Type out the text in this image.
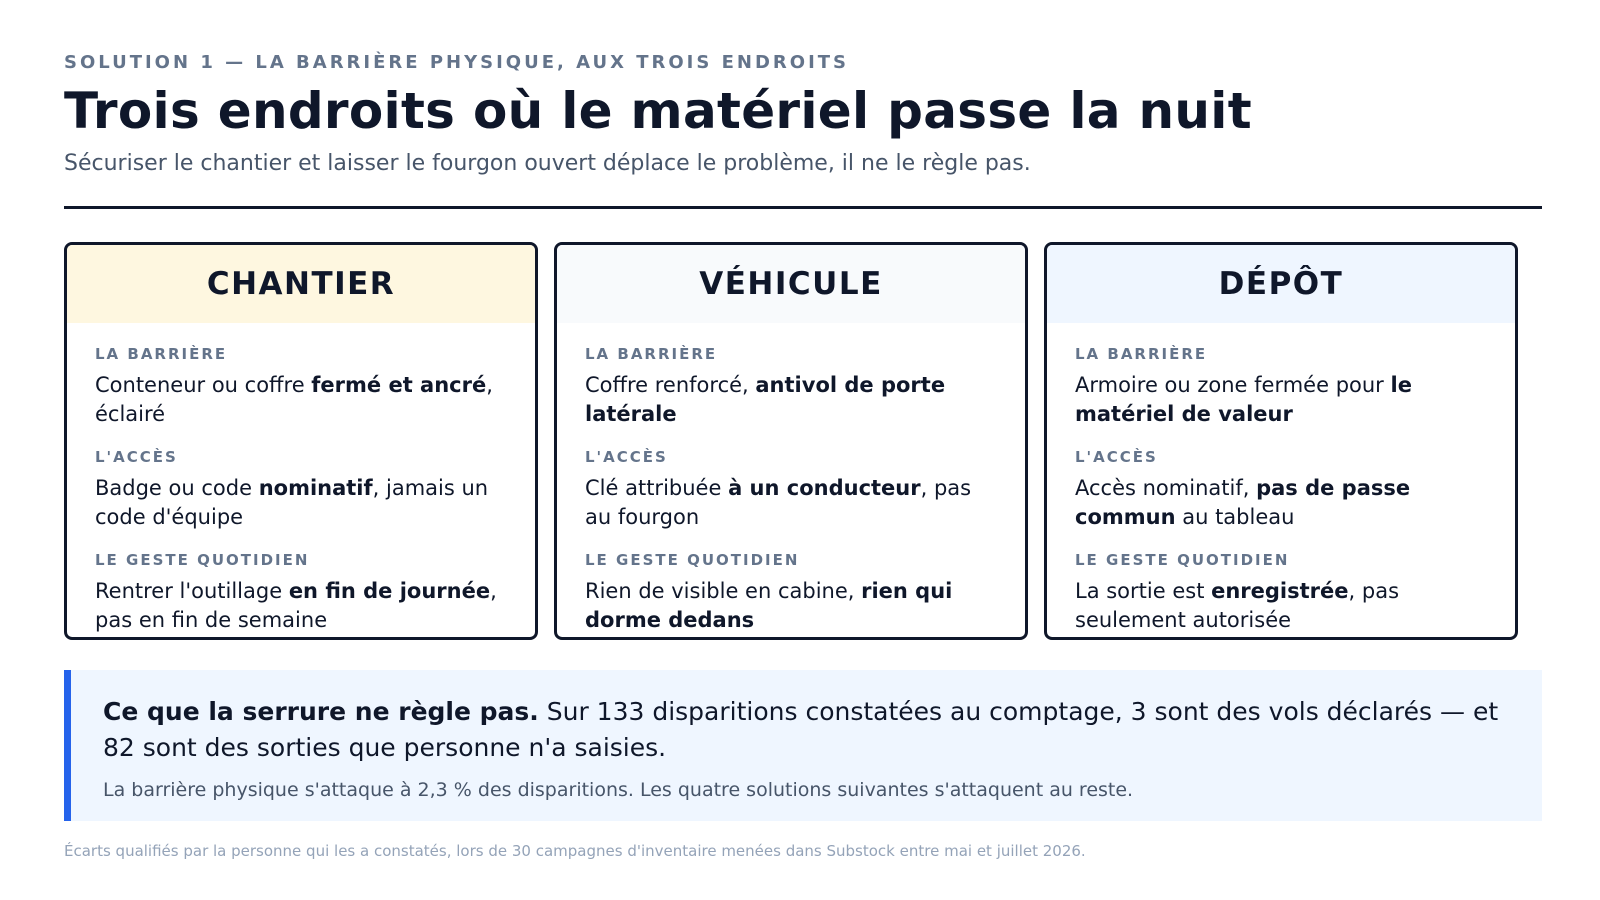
SOLUTION 1 — LA BARRIÈRE PHYSIQUE, AUX TROIS ENDROITS
Trois endroits où le matériel passe la nuit
Sécuriser le chantier et laisser le fourgon ouvert déplace le problème, il ne le règle pas.
CHANTIER
LA BARRIÈRE
Conteneur ou coffre fermé et ancré, éclairé
L'ACCÈS
Badge ou code nominatif, jamais un code d'équipe
LE GESTE QUOTIDIEN
Rentrer l'outillage en fin de journée, pas en fin de semaine
VÉHICULE
LA BARRIÈRE
Coffre renforcé, antivol de porte latérale
L'ACCÈS
Clé attribuée à un conducteur, pas au fourgon
LE GESTE QUOTIDIEN
Rien de visible en cabine, rien qui dorme dedans
DÉPÔT
LA BARRIÈRE
Armoire ou zone fermée pour le matériel de valeur
L'ACCÈS
Accès nominatif, pas de passe commun au tableau
LE GESTE QUOTIDIEN
La sortie est enregistrée, pas seulement autorisée
Ce que la serrure ne règle pas. Sur 133 disparitions constatées au comptage, 3 sont des vols déclarés — et 82 sont des sorties que personne n'a saisies.
La barrière physique s'attaque à 2,3 % des disparitions. Les quatre solutions suivantes s'attaquent au reste.
Écarts qualifiés par la personne qui les a constatés, lors de 30 campagnes d'inventaire menées dans Substock entre mai et juillet 2026.
